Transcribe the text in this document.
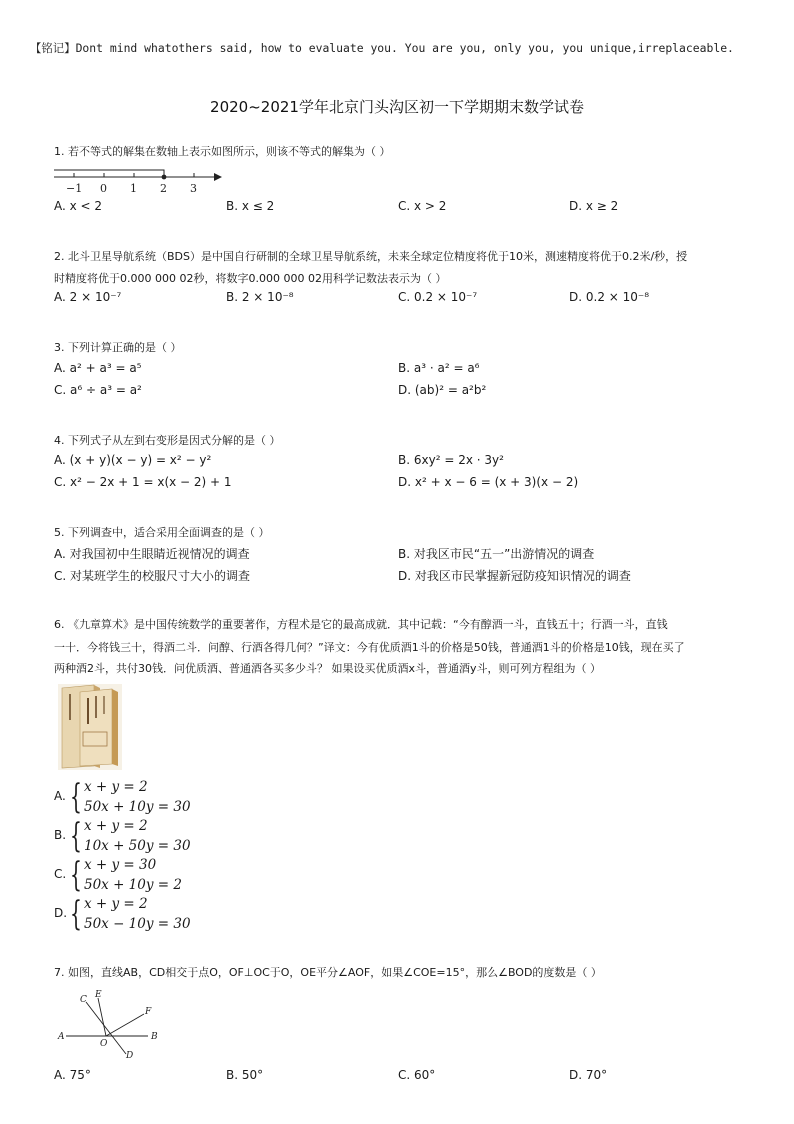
【铭记】Dont mind whatothers said, how to evaluate you. You are you, only you, you unique,irreplaceable.
2020~2021学年北京门头沟区初一下学期期末数学试卷
1. 若不等式的解集在数轴上表示如图所示，则该不等式的解集为（ ）
−1 0 1 2 3
A. x < 2	B. x ≤ 2	C. x > 2	D. x ≥ 2
2. 北斗卫星导航系统（BDS）是中国自行研制的全球卫星导航系统，未来全球定位精度将优于10米，测速精度将优于0.2米/秒，授
时精度将优于0.000 000 02秒，将数字0.000 000 02用科学记数法表示为（ ）
A. 2 × 10⁻⁷	B. 2 × 10⁻⁸	C. 0.2 × 10⁻⁷	D. 0.2 × 10⁻⁸
3. 下列计算正确的是（ ）
A. a² + a³ = a⁵	B. a³ · a² = a⁶
C. a⁶ ÷ a³ = a²	D. (ab)² = a²b²
4. 下列式子从左到右变形是因式分解的是（ ）
A. (x + y)(x − y) = x² − y²	B. 6xy² = 2x · 3y²
C. x² − 2x + 1 = x(x − 2) + 1	D. x² + x − 6 = (x + 3)(x − 2)
5. 下列调查中，适合采用全面调查的是（ ）
A. 对我国初中生眼睛近视情况的调查	B. 对我区市民“五一”出游情况的调查
C. 对某班学生的校服尺寸大小的调查	D. 对我区市民掌握新冠防疫知识情况的调查
6. 《九章算术》是中国传统数学的重要著作，方程术是它的最高成就．其中记载：“今有醇酒一斗，直钱五十；行酒一斗，直钱
一十．今将钱三十，得酒二斗．问醇、行酒各得几何？”译文：今有优质酒1斗的价格是50钱，普通酒1斗的价格是10钱，现在买了
两种酒2斗，共付30钱．问优质酒、普通酒各买多少斗？ 如果设买优质酒x斗，普通酒y斗，则可列方程组为（ ）
A. { x + y = 2
50x + 10y = 30
B. { x + y = 2
10x + 50y = 30
C. { x + y = 30
50x + 10y = 2
D. { x + y = 2
50x − 10y = 30
7. 如图，直线AB，CD相交于点O，OF⊥OC于O，OE平分∠AOF，如果∠COE=15°，那么∠BOD的度数是（ ）
C E
F
A
O
B
D
A. 75°	B. 50°	C. 60°	D. 70°
